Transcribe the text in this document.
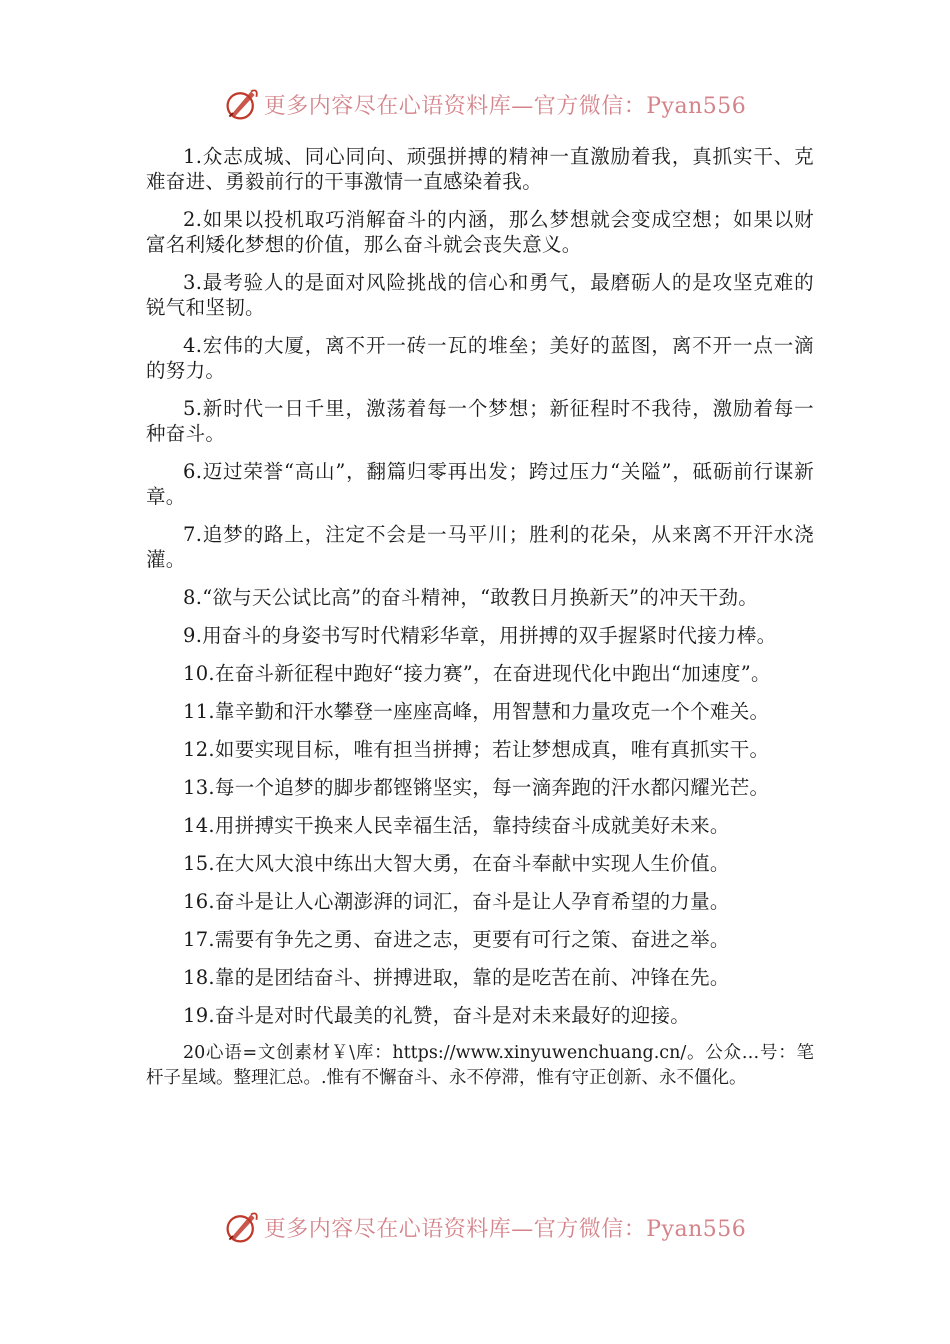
更多内容尽在心语资料库—官方微信：Pyan556

1.众志成城、同心同向、顽强拼搏的精神一直激励着我，真抓实干、克难奋进、勇毅前行的干事激情一直感染着我。

2.如果以投机取巧消解奋斗的内涵，那么梦想就会变成空想；如果以财富名利矮化梦想的价值，那么奋斗就会丧失意义。

3.最考验人的是面对风险挑战的信心和勇气，最磨砺人的是攻坚克难的锐气和坚韧。

4.宏伟的大厦，离不开一砖一瓦的堆垒；美好的蓝图，离不开一点一滴的努力。

5.新时代一日千里，激荡着每一个梦想；新征程时不我待，激励着每一种奋斗。

6.迈过荣誉“高山”，翻篇归零再出发；跨过压力“关隘”，砥砺前行谋新章。

7.追梦的路上，注定不会是一马平川；胜利的花朵，从来离不开汗水浇灌。

8.“欲与天公试比高”的奋斗精神，“敢教日月换新天”的冲天干劲。

9.用奋斗的身姿书写时代精彩华章，用拼搏的双手握紧时代接力棒。

10.在奋斗新征程中跑好“接力赛”，在奋进现代化中跑出“加速度”。

11.靠辛勤和汗水攀登一座座高峰，用智慧和力量攻克一个个难关。

12.如要实现目标，唯有担当拼搏；若让梦想成真，唯有真抓实干。

13.每一个追梦的脚步都铿锵坚实，每一滴奔跑的汗水都闪耀光芒。

14.用拼搏实干换来人民幸福生活，靠持续奋斗成就美好未来。

15.在大风大浪中练出大智大勇，在奋斗奉献中实现人生价值。

16.奋斗是让人心潮澎湃的词汇，奋斗是让人孕育希望的力量。

17.需要有争先之勇、奋进之志，更要有可行之策、奋进之举。

18.靠的是团结奋斗、拼搏进取，靠的是吃苦在前、冲锋在先。

19.奋斗是对时代最美的礼赞，奋斗是对未来最好的迎接。

20心语=文创素材￥\库：https://www.xinyuwenchuang.cn/。公众…号：笔杆子星域。整理汇总。.惟有不懈奋斗、永不停滞，惟有守正创新、永不僵化。

更多内容尽在心语资料库—官方微信：Pyan556
